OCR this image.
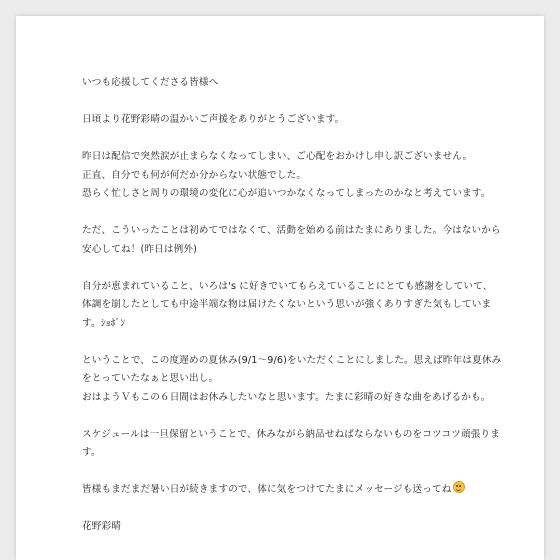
いつも応援してくださる皆様へ

日頃より花野彩晴の温かいご声援をありがとうございます。

昨日は配信で突然涙が止まらなくなってしまい、ご心配をおかけし申し訳ございません。
正直、自分でも何が何だか分からない状態でした。
恐らく忙しさと周りの環境の変化に心が追いつかなくなってしまったのかなと考えています。

ただ、こういったことは初めてではなくて、活動を始める前はたまにありました。今はないから安心してね！(昨日は例外)

自分が恵まれていること、いろは's に好きでいてもらえていることにとても感謝をしていて、体調を崩したとしても中途半端な物は届けたくないという思いが強くありすぎた気もしています。ｼｮﾎﾞﾝ

ということで、この度遅めの夏休み(9/1〜9/6)をいただくことにしました。思えば昨年は夏休みをとっていたなぁと思い出し。
おはようＶもこの６日間はお休みしたいなと思います。たまに彩晴の好きな曲をあげるかも。

スケジュールは一旦保留ということで、休みながら納品せねばならないものをコツコツ頑張ります。

皆様もまだまだ暑い日が続きますので、体に気をつけてたまにメッセージも送ってね

花野彩晴
